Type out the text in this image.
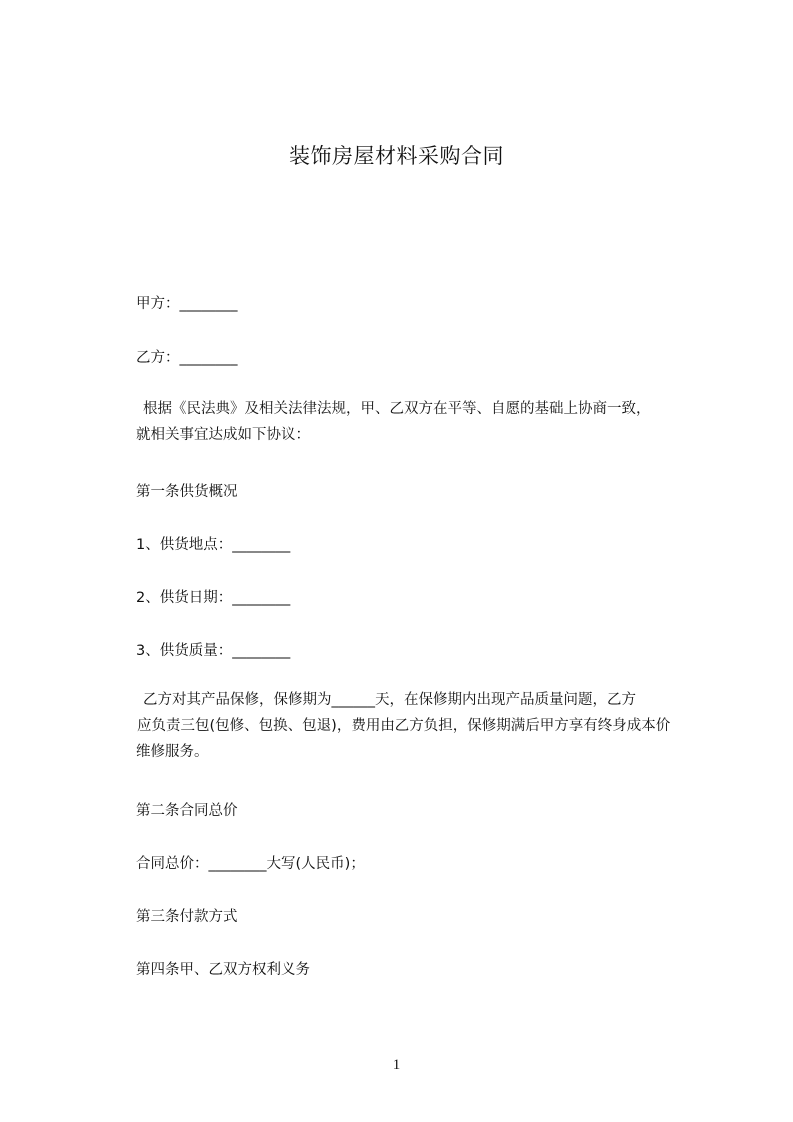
装饰房屋材料采购合同
甲方：________
乙方：________
根据《民法典》及相关法律法规，甲、乙双方在平等、自愿的基础上协商一致，
就相关事宜达成如下协议：
第一条供货概况
1、供货地点：________
2、供货日期：________
3、供货质量：________
乙方对其产品保修，保修期为______天，在保修期内出现产品质量问题，乙方
应负责三包(包修、包换、包退)，费用由乙方负担，保修期满后甲方享有终身成本价
维修服务。
第二条合同总价
合同总价：________大写(人民币)；
第三条付款方式
第四条甲、乙双方权利义务
1
